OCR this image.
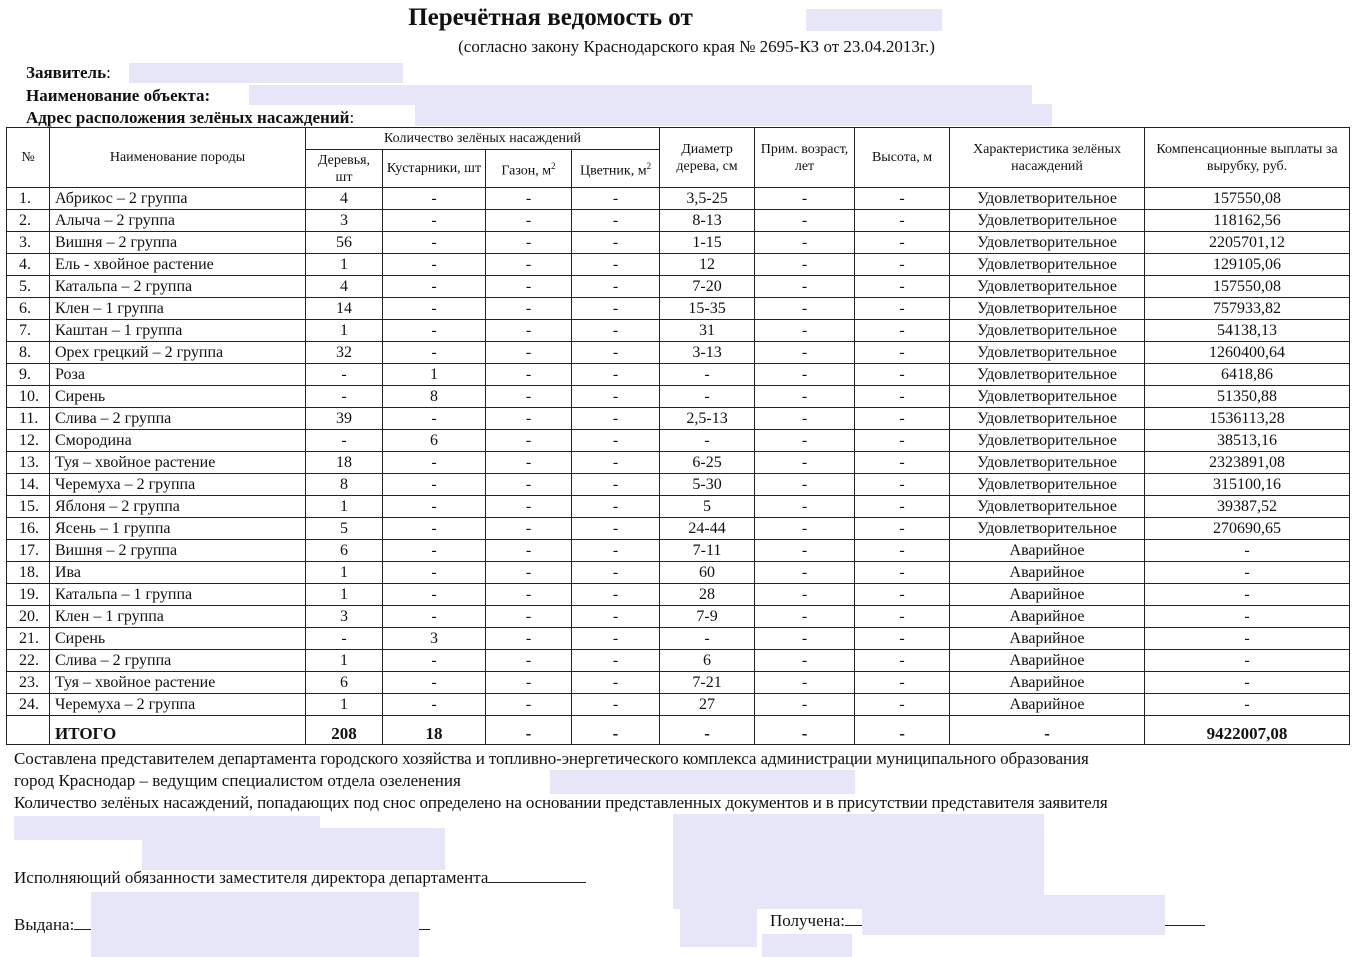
Перечётная ведомость от
(согласно закону Краснодарского края № 2695-КЗ от 23.04.2013г.)
Заявитель:
Наименование объекта:
Адрес расположения зелёных насаждений:
№	Наименование породы	Количество зелёных насаждений				Диаметр дерева, см	Прим. возраст, лет	Высота, м	Характеристика зелёных насаждений	Компенсационные выплаты за вырубку, руб.
		Деревья, шт	Кустарники, шт	Газон, $м^2$	Цветник, $м^2$
1.	Абрикос – 2 группа	4	-	-	-	3,5-25	-	-	Удовлетворительное	157550,08
2.	Алыча – 2 группа	3	-	-	-	8-13	-	-	Удовлетворительное	118162,56
3.	Вишня – 2 группа	56	-	-	-	1-15	-	-	Удовлетворительное	2205701,12
4.	Ель - хвойное растение	1	-	-	-	12	-	-	Удовлетворительное	129105,06
5.	Катальпа – 2 группа	4	-	-	-	7-20	-	-	Удовлетворительное	157550,08
6.	Клен – 1 группа	14	-	-	-	15-35	-	-	Удовлетворительное	757933,82
7.	Каштан – 1 группа	1	-	-	-	31	-	-	Удовлетворительное	54138,13
8.	Орех грецкий – 2 группа	32	-	-	-	3-13	-	-	Удовлетворительное	1260400,64
9.	Роза	-	1	-	-	-	-	-	Удовлетворительное	6418,86
10.	Сирень	-	8	-	-	-	-	-	Удовлетворительное	51350,88
11.	Слива – 2 группа	39	-	-	-	2,5-13	-	-	Удовлетворительное	1536113,28
12.	Смородина	-	6	-	-	-	-	-	Удовлетворительное	38513,16
13.	Туя – хвойное растение	18	-	-	-	6-25	-	-	Удовлетворительное	2323891,08
14.	Черемуха – 2 группа	8	-	-	-	5-30	-	-	Удовлетворительное	315100,16
15.	Яблоня – 2 группа	1	-	-	-	5	-	-	Удовлетворительное	39387,52
16.	Ясень – 1 группа	5	-	-	-	24-44	-	-	Удовлетворительное	270690,65
17.	Вишня – 2 группа	6	-	-	-	7-11	-	-	Аварийное	-
18.	Ива	1	-	-	-	60	-	-	Аварийное	-
19.	Катальпа – 1 группа	1	-	-	-	28	-	-	Аварийное	-
20.	Клен – 1 группа	3	-	-	-	7-9	-	-	Аварийное	-
21.	Сирень	-	3	-	-	-	-	-	Аварийное	-
22.	Слива – 2 группа	1	-	-	-	6	-	-	Аварийное	-
23.	Туя – хвойное растение	6	-	-	-	7-21	-	-	Аварийное	-
24.	Черемуха – 2 группа	1	-	-	-	27	-	-	Аварийное	-
	ИТОГО	208	18	-	-	-	-	-	-	9422007,08
Составлена представителем департамента городского хозяйства и топливно-энергетического комплекса администрации муниципального образования
город Краснодар – ведущим специалистом отдела озеленения
Количество зелёных насаждений, попадающих под снос определено на основании представленных документов и в присутствии представителя заявителя
Исполняющий обязанности заместителя директора департамента
Выдана:	Получена:
